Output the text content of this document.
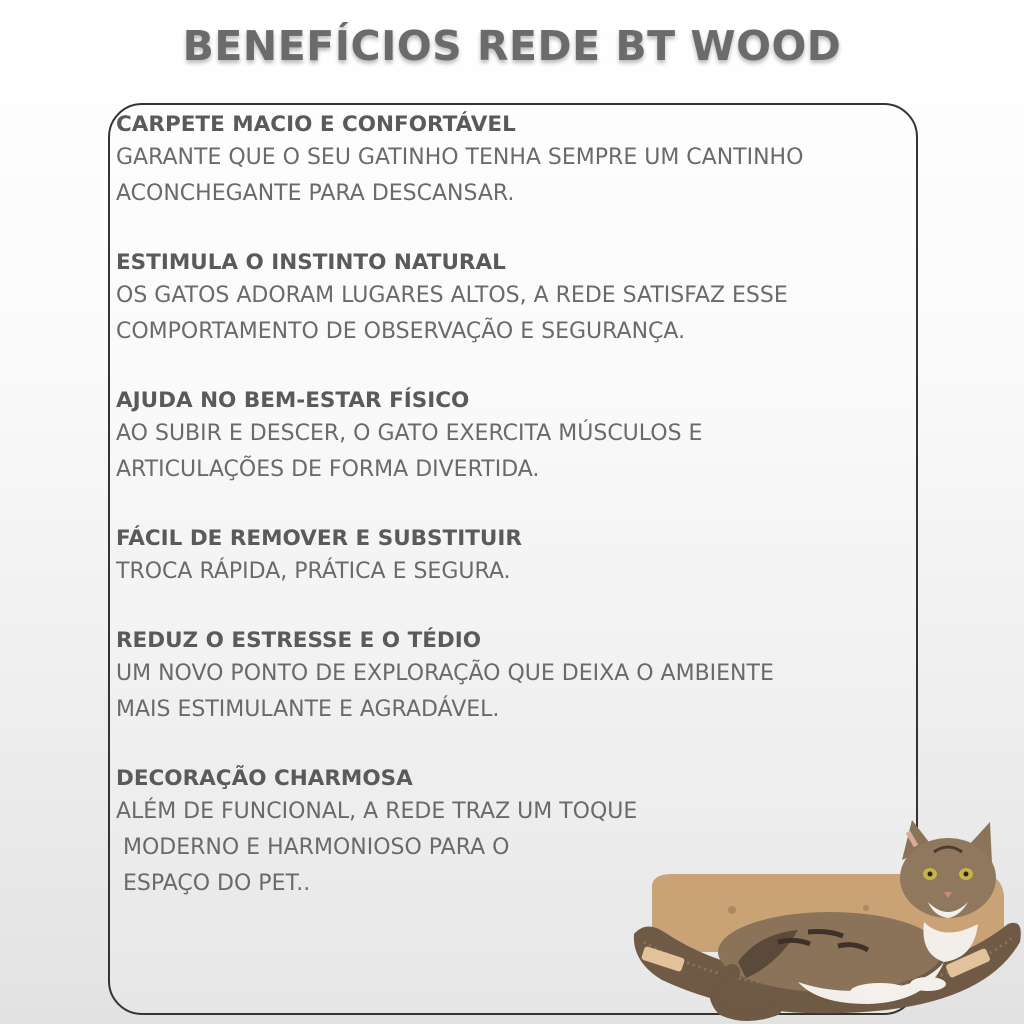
BENEFÍCIOS REDE BT WOOD
CARPETE MACIO E CONFORTÁVEL
GARANTE QUE O SEU GATINHO TENHA SEMPRE UM CANTINHO
ACONCHEGANTE PARA DESCANSAR.
ESTIMULA O INSTINTO NATURAL
OS GATOS ADORAM LUGARES ALTOS, A REDE SATISFAZ ESSE
COMPORTAMENTO DE OBSERVAÇÃO E SEGURANÇA.
AJUDA NO BEM-ESTAR FÍSICO
AO SUBIR E DESCER, O GATO EXERCITA MÚSCULOS E
ARTICULAÇÕES DE FORMA DIVERTIDA.
FÁCIL DE REMOVER E SUBSTITUIR
TROCA RÁPIDA, PRÁTICA E SEGURA.
REDUZ O ESTRESSE E O TÉDIO
UM NOVO PONTO DE EXPLORAÇÃO QUE DEIXA O AMBIENTE
MAIS ESTIMULANTE E AGRADÁVEL.
DECORAÇÃO CHARMOSA
ALÉM DE FUNCIONAL, A REDE TRAZ UM TOQUE
MODERNO E HARMONIOSO PARA O
ESPAÇO DO PET..
